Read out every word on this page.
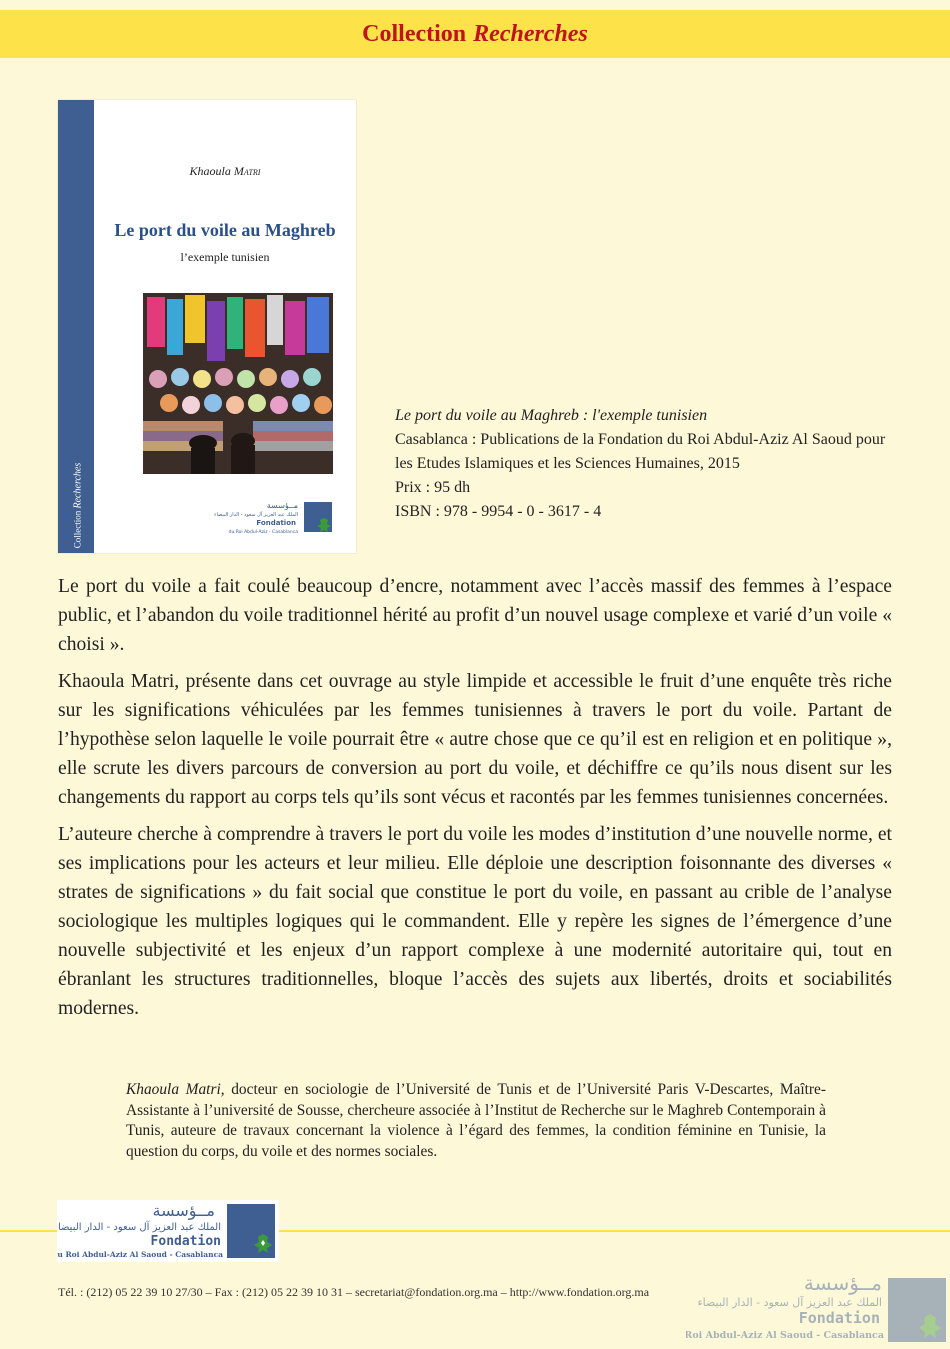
Collection Recherches
Collection Recherches
Khaoula Matri
Le port du voile au Maghreb
l’exemple tunisien
مــؤسسة
الملك عبد العزيز آل سعود - الدار البيضاء
Fondation
du Roi Abdul-Aziz - Casablanca

Le port du voile au Maghreb : l'exemple tunisien

Casablanca : Publications de la Fondation du Roi Abdul-Aziz Al Saoud pour les Etudes Islamiques et les Sciences Humaines, 2015

Prix : 95 dh

ISBN : 978 - 9954 - 0 - 3617 - 4

Le port du voile a fait coulé beaucoup d’encre, notamment avec l’accès massif des femmes à l’espace public, et l’abandon du voile traditionnel hérité au profit d’un nouvel usage complexe et varié d’un voile « choisi ».

Khaoula Matri, présente dans cet ouvrage au style limpide et accessible le fruit d’une enquête très riche sur les significations véhiculées par les femmes tunisiennes à travers le port du voile. Partant de l’hypothèse selon laquelle le voile pourrait être « autre chose que ce qu’il est en religion et en politique », elle scrute les divers parcours de conversion au port du voile, et déchiffre ce qu’ils nous disent sur les changements du rapport au corps tels qu’ils sont vécus et racontés par les femmes tunisiennes concernées.

L’auteure cherche à comprendre à travers le port du voile les modes d’institution d’une nouvelle norme, et ses implications pour les acteurs et leur milieu. Elle déploie une description foisonnante des diverses « strates de significations » du fait social que constitue le port du voile, en passant au crible de l’analyse sociologique les multiples logiques qui le commandent. Elle y repère les signes de l’émergence d’une nouvelle subjectivité et les enjeux d’un rapport complexe à une modernité autoritaire qui, tout en ébranlant les structures traditionnelles, bloque l’accès des sujets aux libertés, droits et sociabilités modernes.

Khaoula Matri, docteur en sociologie de l’Université de Tunis et de l’Université Paris V-Descartes, Maître-Assistante à l’université de Sousse, chercheure associée à l’Institut de Recherche sur le Maghreb Contemporain à Tunis, auteure de travaux concernant la violence à l’égard des femmes, la condition féminine en Tunisie, la question du corps, du voile et des normes sociales.
مــؤسسة
الملك عبد العزيز آل سعود - الدار البيضاء
Fondation
du Roi Abdul-Aziz Al Saoud - Casablanca
Tél. : (212) 05 22 39 10 27/30 – Fax : (212) 05 22 39 10 31 – secretariat@fondation.org.ma – http://www.fondation.org.ma	مــؤسسة
الملك عبد العزيز آل سعود - الدار البيضاء
Fondation
du Roi Abdul-Aziz Al Saoud - Casablanca
